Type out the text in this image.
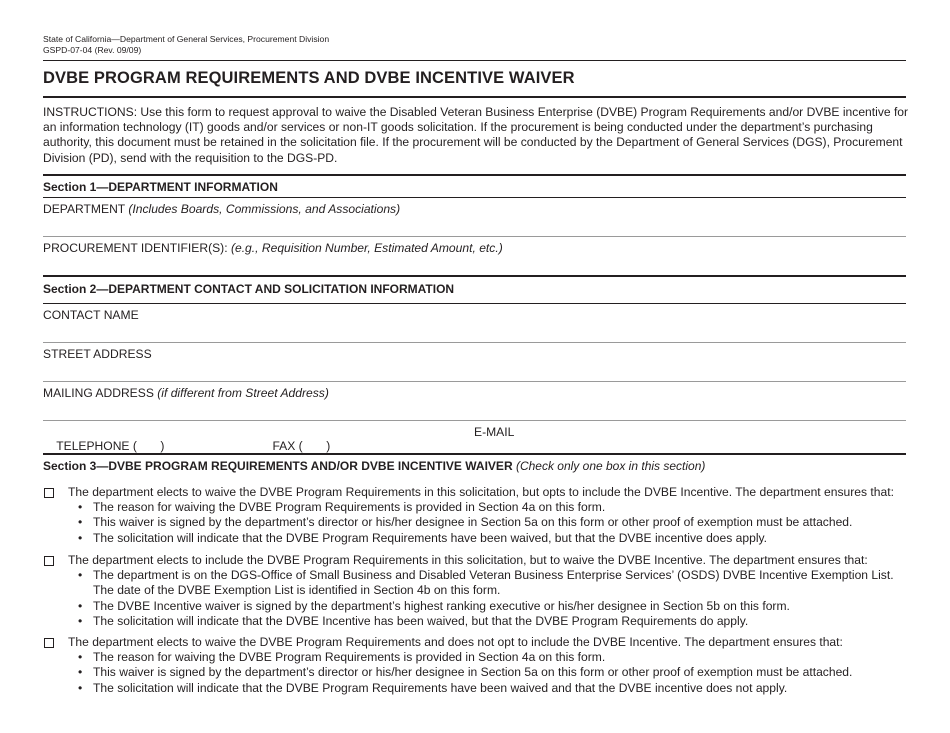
State of California—Department of General Services, Procurement Division
GSPD-07-04 (Rev. 09/09)
DVBE PROGRAM REQUIREMENTS AND DVBE INCENTIVE WAIVER
INSTRUCTIONS: Use this form to request approval to waive the Disabled Veteran Business Enterprise (DVBE) Program Requirements and/or DVBE incentive for an information technology (IT) goods and/or services or non-IT goods solicitation. If the procurement is being conducted under the department’s purchasing authority, this document must be retained in the solicitation file. If the procurement will be conducted by the Department of General Services (DGS), Procurement Division (PD), send with the requisition to the DGS-PD.
Section 1—DEPARTMENT INFORMATION
DEPARTMENT (Includes Boards, Commissions, and Associations)
PROCUREMENT IDENTIFIER(S): (e.g., Requisition Number, Estimated Amount, etc.)
Section 2—DEPARTMENT CONTACT AND SOLICITATION INFORMATION
CONTACT NAME
STREET ADDRESS
MAILING ADDRESS (if different from Street Address)

TELEPHONE (       )
	FAX (       )

E-MAIL
Section 3—DVBE PROGRAM REQUIREMENTS AND/OR DVBE INCENTIVE WAIVER (Check only one box in this section)
The department elects to waive the DVBE Program Requirements in this solicitation, but opts to include the DVBE Incentive. The department ensures that:
• The reason for waiving the DVBE Program Requirements is provided in Section 4a on this form.
• This waiver is signed by the department’s director or his/her designee in Section 5a on this form or other proof of exemption must be attached.
• The solicitation will indicate that the DVBE Program Requirements have been waived, but that the DVBE incentive does apply.
The department elects to include the DVBE Program Requirements in this solicitation, but to waive the DVBE Incentive. The department ensures that:
• The department is on the DGS-Office of Small Business and Disabled Veteran Business Enterprise Services’ (OSDS) DVBE Incentive Exemption List. The date of the DVBE Exemption List is identified in Section 4b on this form.
• The DVBE Incentive waiver is signed by the department’s highest ranking executive or his/her designee in Section 5b on this form.
• The solicitation will indicate that the DVBE Incentive has been waived, but that the DVBE Program Requirements do apply.
The department elects to waive the DVBE Program Requirements and does not opt to include the DVBE Incentive. The department ensures that:
• The reason for waiving the DVBE Program Requirements is provided in Section 4a on this form.
• This waiver is signed by the department’s director or his/her designee in Section 5a on this form or other proof of exemption must be attached.
• The solicitation will indicate that the DVBE Program Requirements have been waived and that the DVBE incentive does not apply.
